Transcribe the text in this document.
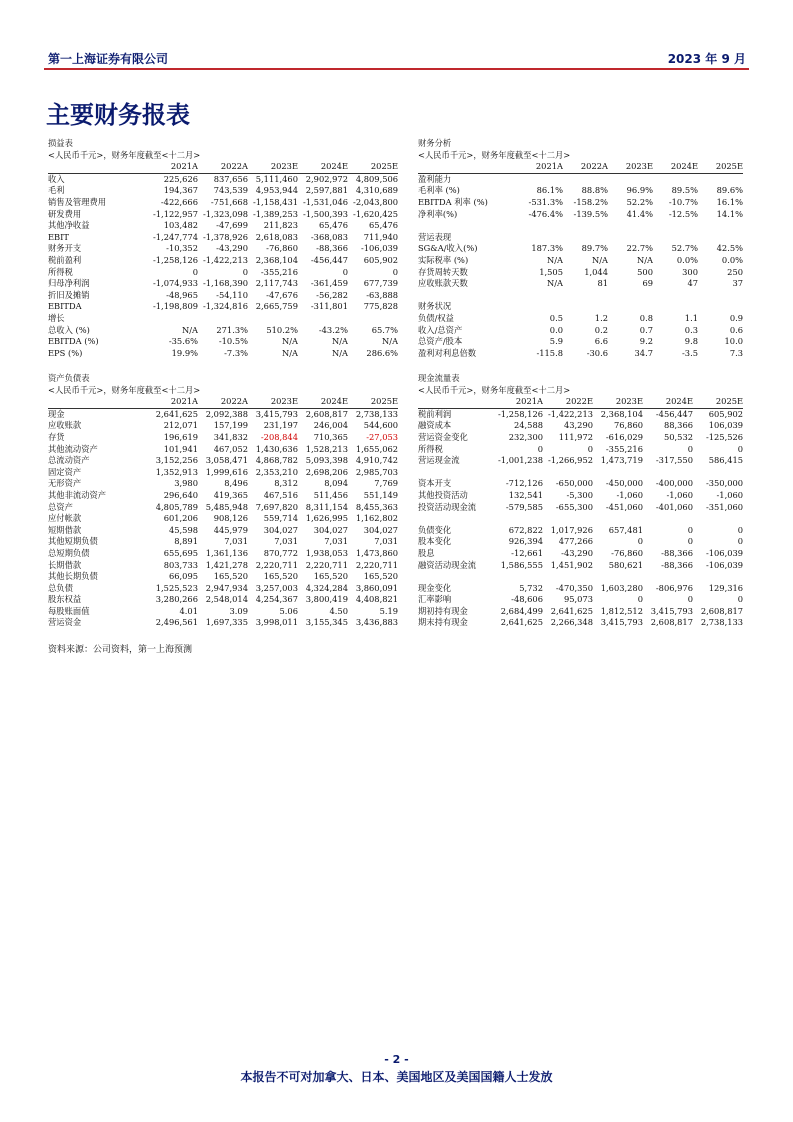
第一上海证券有限公司	2023 年 9 月
主要财务报表
损益表					
<人民币千元>，财务年度截至<十二月>					
	2021A	2022A	2023E	2024E	2025E
收入	225,626	837,656	5,111,460	2,902,972	4,809,506
毛利	194,367	743,539	4,953,944	2,597,881	4,310,689
销售及管理费用	-422,666	-751,668	-1,158,431	-1,531,046	-2,043,800
研发费用	-1,122,957	-1,323,098	-1,389,253	-1,500,393	-1,620,425
其他净收益	103,482	-47,699	211,823	65,476	65,476
EBIT	-1,247,774	-1,378,926	2,618,083	-368,083	711,940
财务开支	-10,352	-43,290	-76,860	-88,366	-106,039
税前盈利	-1,258,126	-1,422,213	2,368,104	-456,447	605,902
所得税	0	0	-355,216	0	0
归母净利润	-1,074,933	-1,168,390	2,117,743	-361,459	677,739
折旧及摊销	-48,965	-54,110	-47,676	-56,282	-63,888
EBITDA	-1,198,809	-1,324,816	2,665,759	-311,801	775,828
增长					
总收入 (%)	N/A	271.3%	510.2%	-43.2%	65.7%
EBITDA (%)	-35.6%	-10.5%	N/A	N/A	N/A
EPS (%)	19.9%	-7.3%	N/A	N/A	286.6%
财务分析					
<人民币千元>，财务年度截至<十二月>					
	2021A	2022A	2023E	2024E	2025E
盈利能力					
毛利率 (%)	86.1%	88.8%	96.9%	89.5%	89.6%
EBITDA 利率 (%)	-531.3%	-158.2%	52.2%	-10.7%	16.1%
净利率(%)	-476.4%	-139.5%	41.4%	-12.5%	14.1%

营运表现					
SG&A/收入(%)	187.3%	89.7%	22.7%	52.7%	42.5%
实际税率 (%)	N/A	N/A	N/A	0.0%	0.0%
存货周转天数	1,505	1,044	500	300	250
应收账款天数	N/A	81	69	47	37

财务状况					
负债/权益	0.5	1.2	0.8	1.1	0.9
收入/总资产	0.0	0.2	0.7	0.3	0.6
总资产/股本	5.9	6.6	9.2	9.8	10.0
盈利对利息倍数	-115.8	-30.6	34.7	-3.5	7.3
资产负债表					
<人民币千元>，财务年度截至<十二月>					
	2021A	2022A	2023E	2024E	2025E
现金	2,641,625	2,092,388	3,415,793	2,608,817	2,738,133
应收账款	212,071	157,199	231,197	246,004	544,600
存货	196,619	341,832	-208,844	710,365	-27,053
其他流动资产	101,941	467,052	1,430,636	1,528,213	1,655,062
总流动资产	3,152,256	3,058,471	4,868,782	5,093,398	4,910,742
固定资产	1,352,913	1,999,616	2,353,210	2,698,206	2,985,703
无形资产	3,980	8,496	8,312	8,094	7,769
其他非流动资产	296,640	419,365	467,516	511,456	551,149
总资产	4,805,789	5,485,948	7,697,820	8,311,154	8,455,363
应付帐款	601,206	908,126	559,714	1,626,995	1,162,802
短期借款	45,598	445,979	304,027	304,027	304,027
其他短期负债	8,891	7,031	7,031	7,031	7,031
总短期负债	655,695	1,361,136	870,772	1,938,053	1,473,860
长期借款	803,733	1,421,278	2,220,711	2,220,711	2,220,711
其他长期负债	66,095	165,520	165,520	165,520	165,520
总负债	1,525,523	2,947,934	3,257,003	4,324,284	3,860,091
股东权益	3,280,266	2,548,014	4,254,367	3,800,419	4,408,821
每股账面值	4.01	3.09	5.06	4.50	5.19
营运资金	2,496,561	1,697,335	3,998,011	3,155,345	3,436,883
现金流量表					
<人民币千元>，财务年度截至<十二月>					
	2021A	2022E	2023E	2024E	2025E
税前利润	-1,258,126	-1,422,213	2,368,104	-456,447	605,902
融资成本	24,588	43,290	76,860	88,366	106,039
营运资金变化	232,300	111,972	-616,029	50,532	-125,526
所得税	0	0	-355,216	0	0
营运现金流	-1,001,238	-1,266,952	1,473,719	-317,550	586,415

资本开支	-712,126	-650,000	-450,000	-400,000	-350,000
其他投资活动	132,541	-5,300	-1,060	-1,060	-1,060
投资活动现金流	-579,585	-655,300	-451,060	-401,060	-351,060

负债变化	672,822	1,017,926	657,481	0	0
股本变化	926,394	477,266	0	0	0
股息	-12,661	-43,290	-76,860	-88,366	-106,039
融资活动现金流	1,586,555	1,451,902	580,621	-88,366	-106,039

现金变化	5,732	-470,350	1,603,280	-806,976	129,316
汇率影响	-48,606	95,073	0	0	0
期初持有现金	2,684,499	2,641,625	1,812,512	3,415,793	2,608,817
期末持有现金	2,641,625	2,266,348	3,415,793	2,608,817	2,738,133
资料来源：公司资料，第一上海预测
- 2 -
本报告不可对加拿大、日本、美国地区及美国国籍人士发放
